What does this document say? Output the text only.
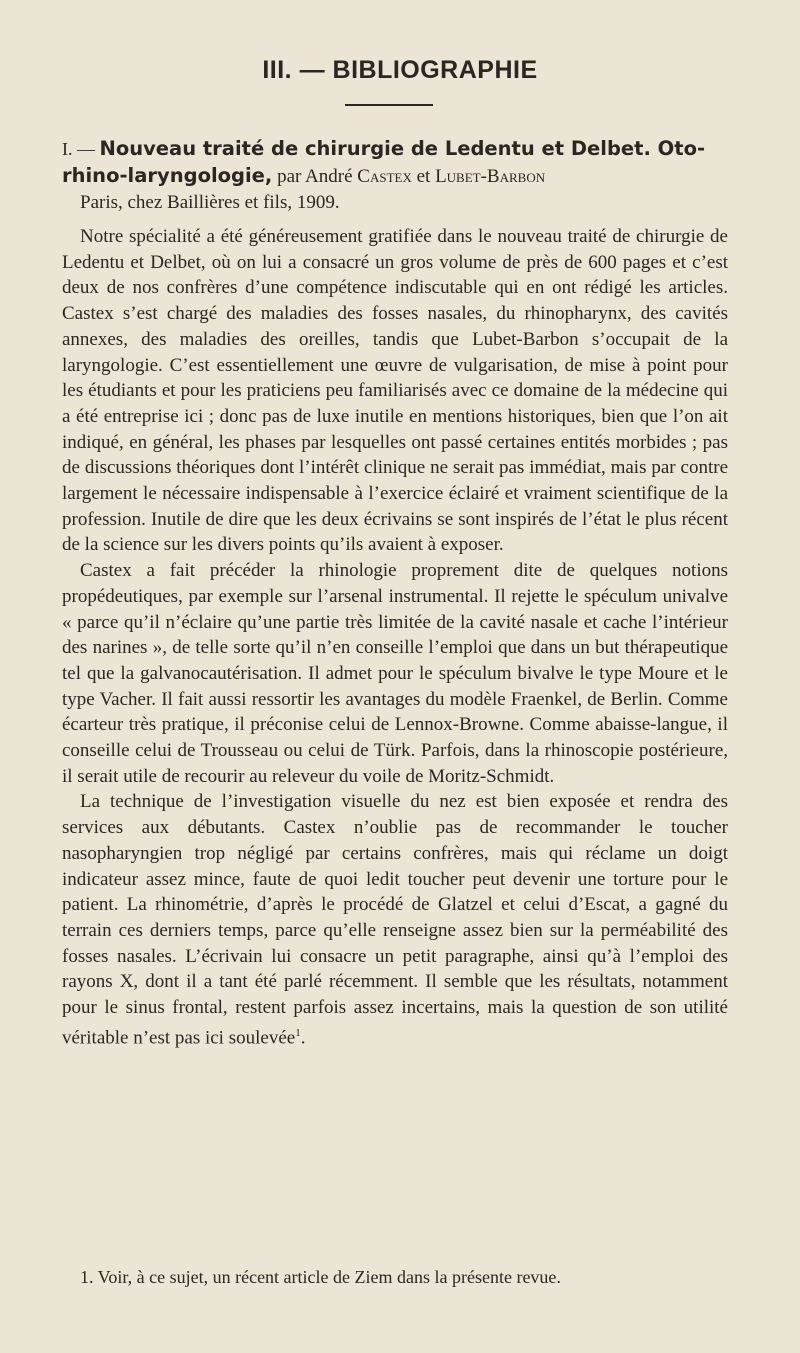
III. — BIBLIOGRAPHIE
I. — Nouveau traité de chirurgie de Ledentu et Delbet. Oto-rhino-laryngologie, par André Castex et Lubet-Barbon
Paris, chez Baillières et fils, 1909.

Notre spécialité a été généreusement gratifiée dans le nouveau traité de chirurgie de Ledentu et Delbet, où on lui a consacré un gros volume de près de 600 pages et c’est deux de nos confrères d’une compétence indiscutable qui en ont rédigé les articles. Castex s’est chargé des maladies des fosses nasales, du rhinopharynx, des cavités annexes, des maladies des oreilles, tandis que Lubet-Barbon s’occupait de la laryngologie. C’est essentiellement une œuvre de vulgarisation, de mise à point pour les étudiants et pour les praticiens peu familiarisés avec ce domaine de la médecine qui a été entreprise ici ; donc pas de luxe inutile en mentions historiques, bien que l’on ait indiqué, en général, les phases par lesquelles ont passé certaines entités morbides ; pas de discussions théoriques dont l’intérêt clinique ne serait pas immédiat, mais par contre largement le nécessaire indispensable à l’exercice éclairé et vraiment scientifique de la profession. Inutile de dire que les deux écrivains se sont inspirés de l’état le plus récent de la science sur les divers points qu’ils avaient à exposer.

Castex a fait précéder la rhinologie proprement dite de quelques notions propédeutiques, par exemple sur l’arsenal instrumental. Il rejette le spéculum univalve « parce qu’il n’éclaire qu’une partie très limitée de la cavité nasale et cache l’intérieur des narines », de telle sorte qu’il n’en conseille l’emploi que dans un but thérapeutique tel que la galvanocautérisation. Il admet pour le spéculum bivalve le type Moure et le type Vacher. Il fait aussi ressortir les avantages du modèle Fraenkel, de Berlin. Comme écarteur très pratique, il préconise celui de Lennox-Browne. Comme abaisse-langue, il conseille celui de Trousseau ou celui de Türk. Parfois, dans la rhinoscopie postérieure, il serait utile de recourir au releveur du voile de Moritz-Schmidt.

La technique de l’investigation visuelle du nez est bien exposée et rendra des services aux débutants. Castex n’oublie pas de recommander le toucher nasopharyngien trop négligé par certains confrères, mais qui réclame un doigt indicateur assez mince, faute de quoi ledit toucher peut devenir une torture pour le patient. La rhinométrie, d’après le procédé de Glatzel et celui d’Escat, a gagné du terrain ces derniers temps, parce qu’elle renseigne assez bien sur la perméabilité des fosses nasales. L’écrivain lui consacre un petit paragraphe, ainsi qu’à l’emploi des rayons X, dont il a tant été parlé récemment. Il semble que les résultats, notamment pour le sinus frontal, restent parfois assez incertains, mais la question de son utilité véritable n’est pas ici soulevée$^1$.

1. Voir, à ce sujet, un récent article de Ziem dans la présente revue.
